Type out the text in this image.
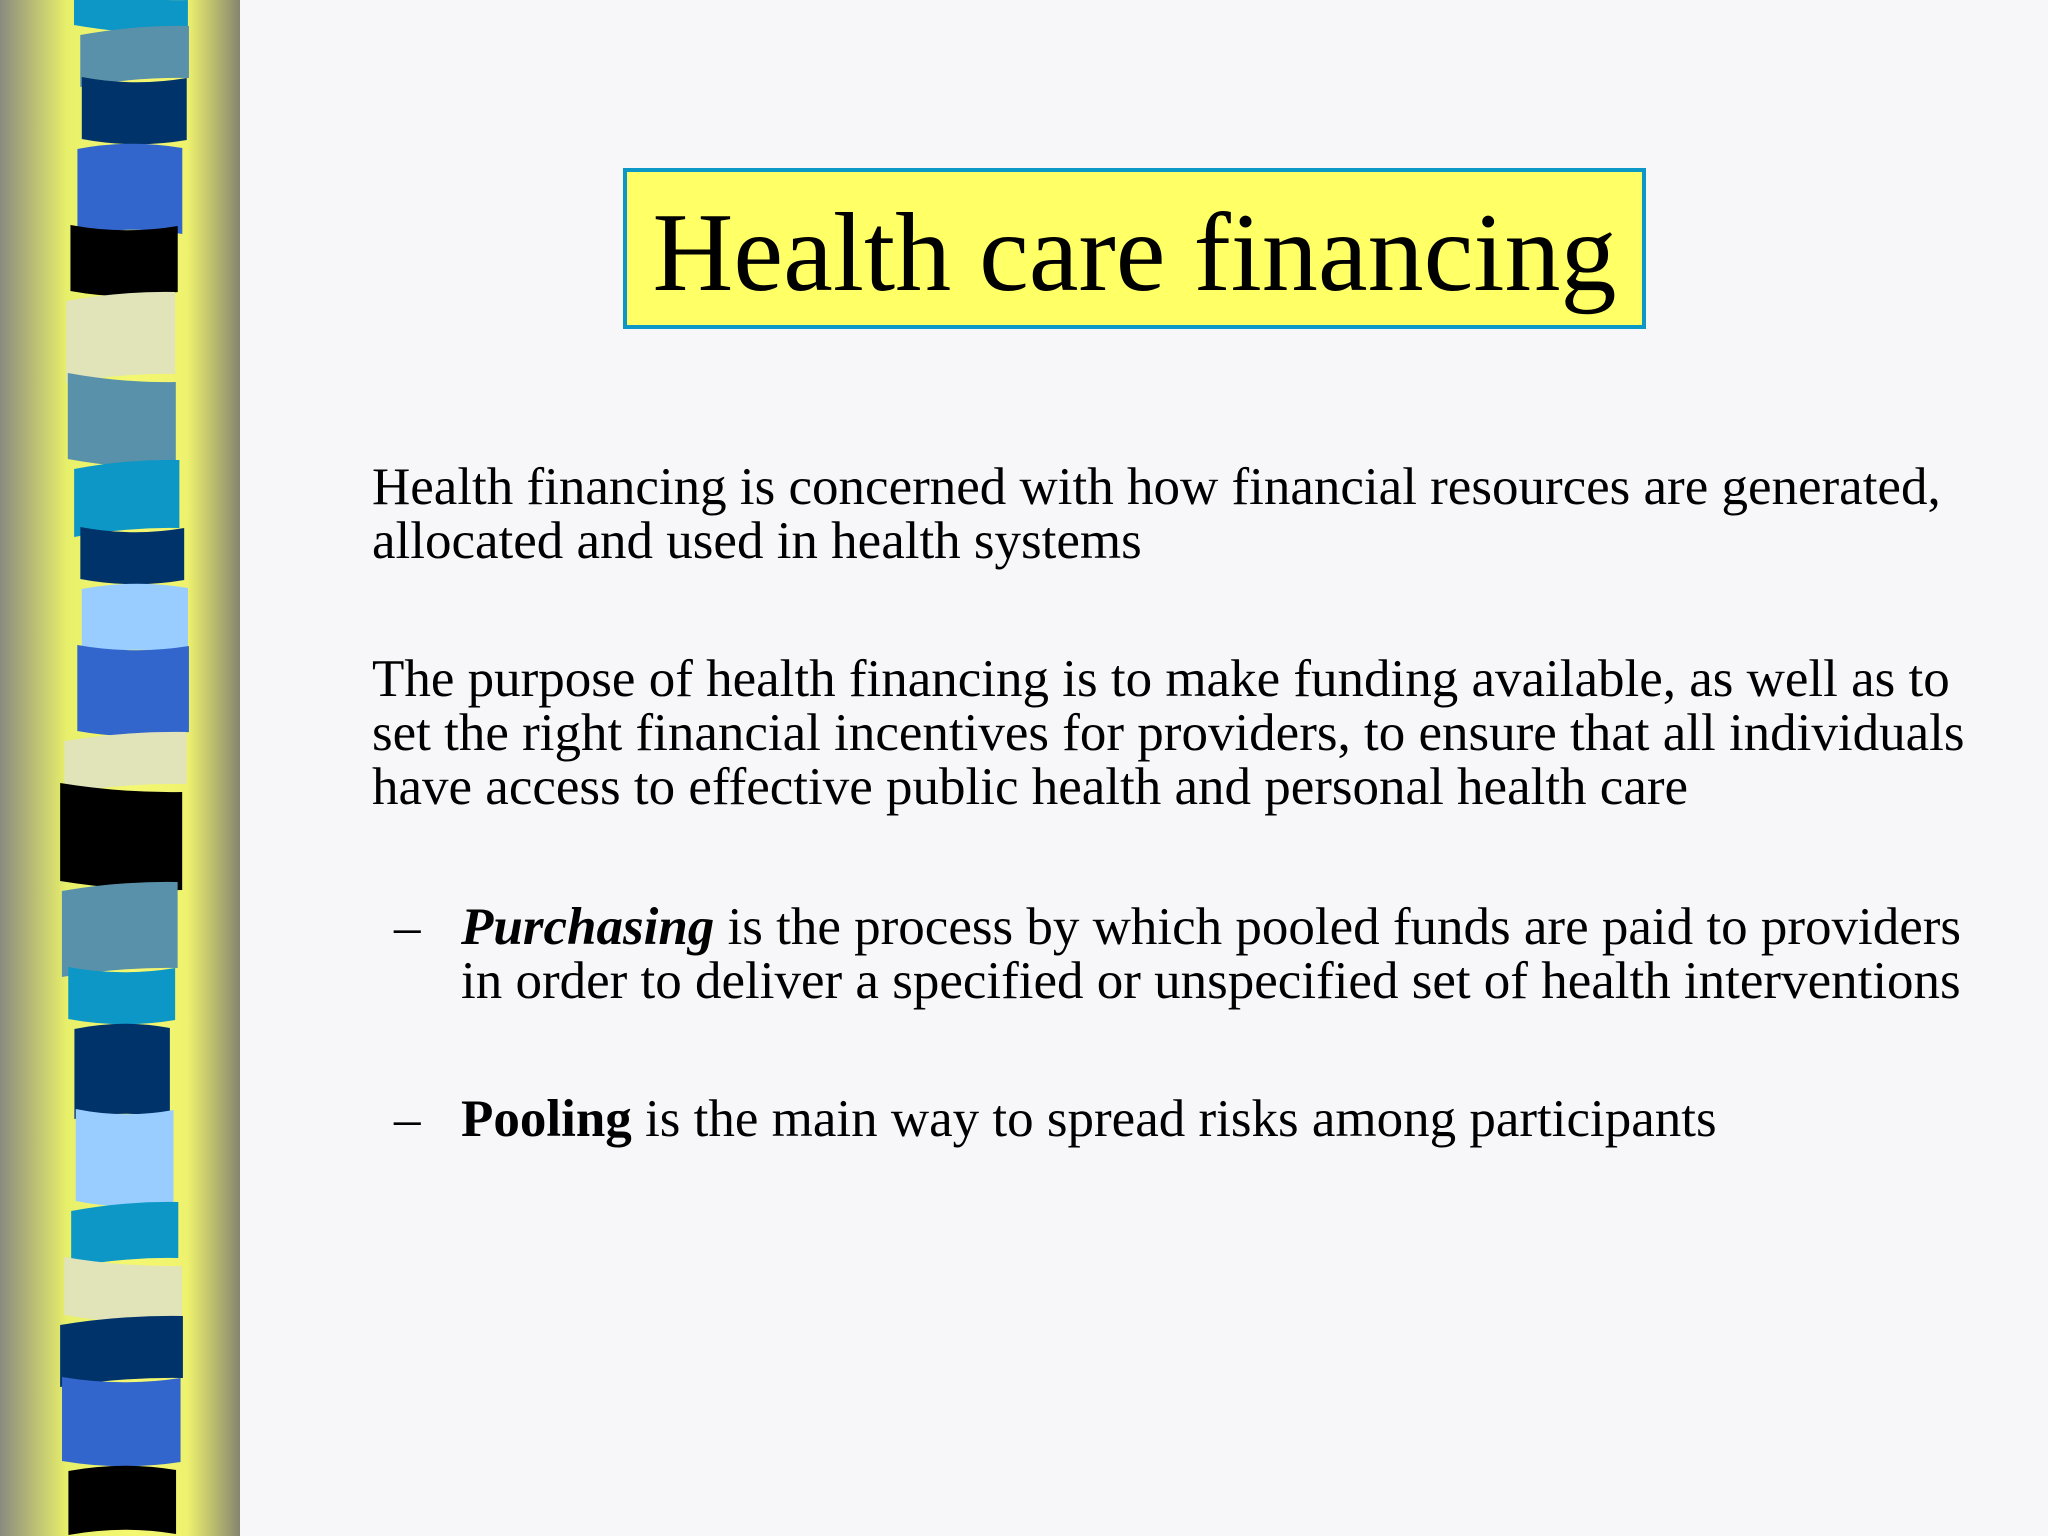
Health care financing

Health financing is concerned with how financial resources are generated, allocated and used in health systems

The purpose of health financing is to make funding available, as well as to set the right financial incentives for providers, to ensure that all individuals have access to effective public health and personal health care

– Purchasing is the process by which pooled funds are paid to providers in order to deliver a specified or unspecified set of health interventions

– Pooling is the main way to spread risks among participants
